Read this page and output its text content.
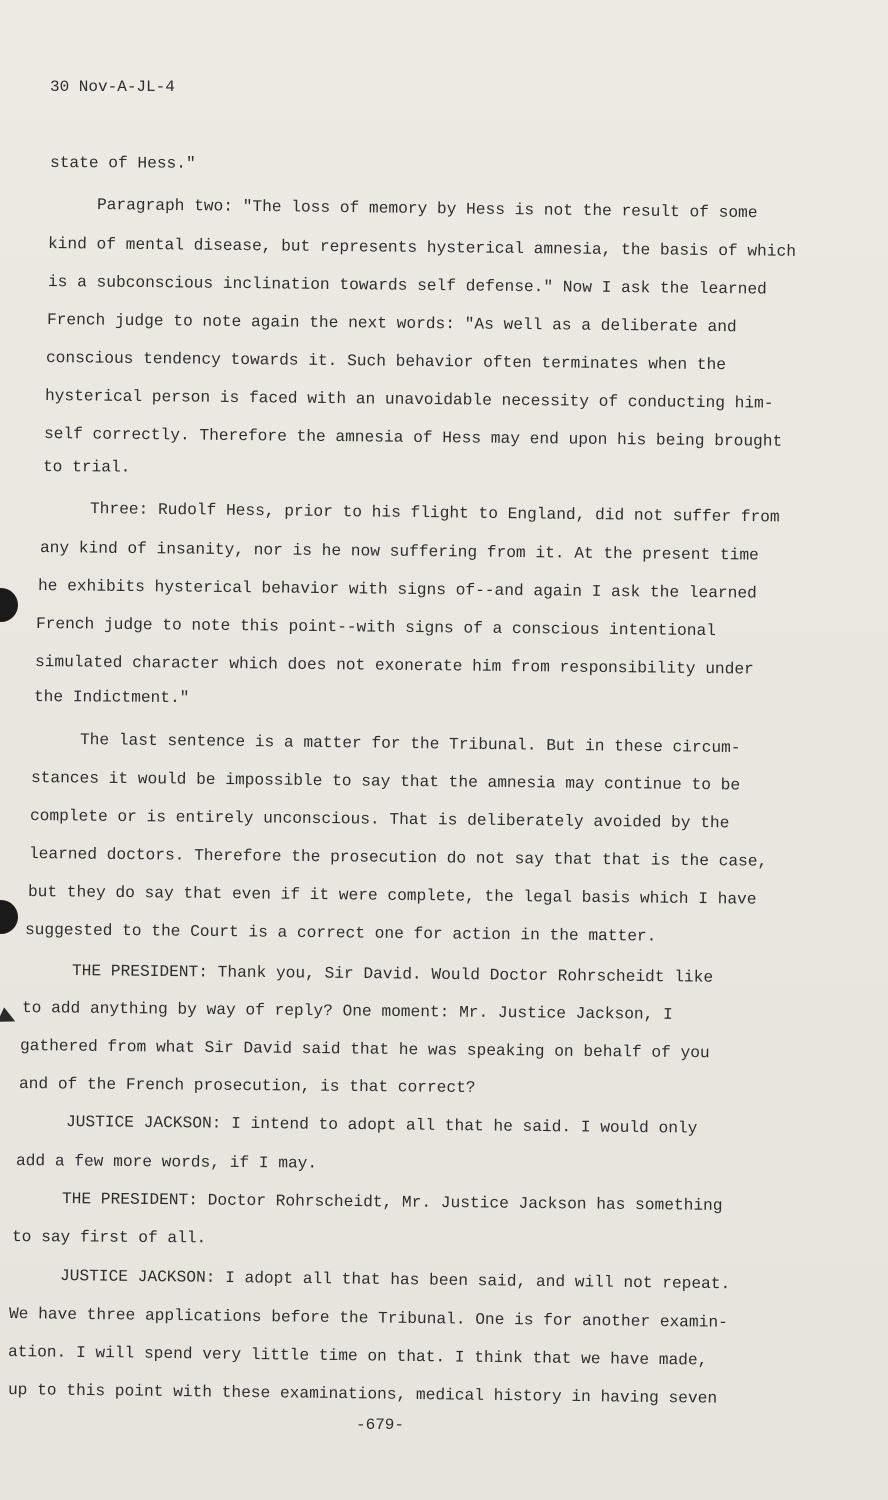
30 Nov-A-JL-4
state of Hess."
Paragraph two: "The loss of memory by Hess is not the result of some
kind of mental disease, but represents hysterical amnesia, the basis of which
is a subconscious inclination towards self defense." Now I ask the learned
French judge to note again the next words: "As well as a deliberate and
conscious tendency towards it. Such behavior often terminates when the
hysterical person is faced with an unavoidable necessity of conducting him-
self correctly. Therefore the amnesia of Hess may end upon his being brought
to trial.
Three: Rudolf Hess, prior to his flight to England, did not suffer from
any kind of insanity, nor is he now suffering from it. At the present time
he exhibits hysterical behavior with signs of--and again I ask the learned
French judge to note this point--with signs of a conscious intentional
simulated character which does not exonerate him from responsibility under
the Indictment."
The last sentence is a matter for the Tribunal. But in these circum-
stances it would be impossible to say that the amnesia may continue to be
complete or is entirely unconscious. That is deliberately avoided by the
learned doctors. Therefore the prosecution do not say that that is the case,
but they do say that even if it were complete, the legal basis which I have
suggested to the Court is a correct one for action in the matter.
THE PRESIDENT: Thank you, Sir David. Would Doctor Rohrscheidt like
to add anything by way of reply? One moment: Mr. Justice Jackson, I
gathered from what Sir David said that he was speaking on behalf of you
and of the French prosecution, is that correct?
JUSTICE JACKSON: I intend to adopt all that he said. I would only
add a few more words, if I may.
THE PRESIDENT: Doctor Rohrscheidt, Mr. Justice Jackson has something
to say first of all.
JUSTICE JACKSON: I adopt all that has been said, and will not repeat.
We have three applications before the Tribunal. One is for another examin-
ation. I will spend very little time on that. I think that we have made,
up to this point with these examinations, medical history in having seven
-679-
